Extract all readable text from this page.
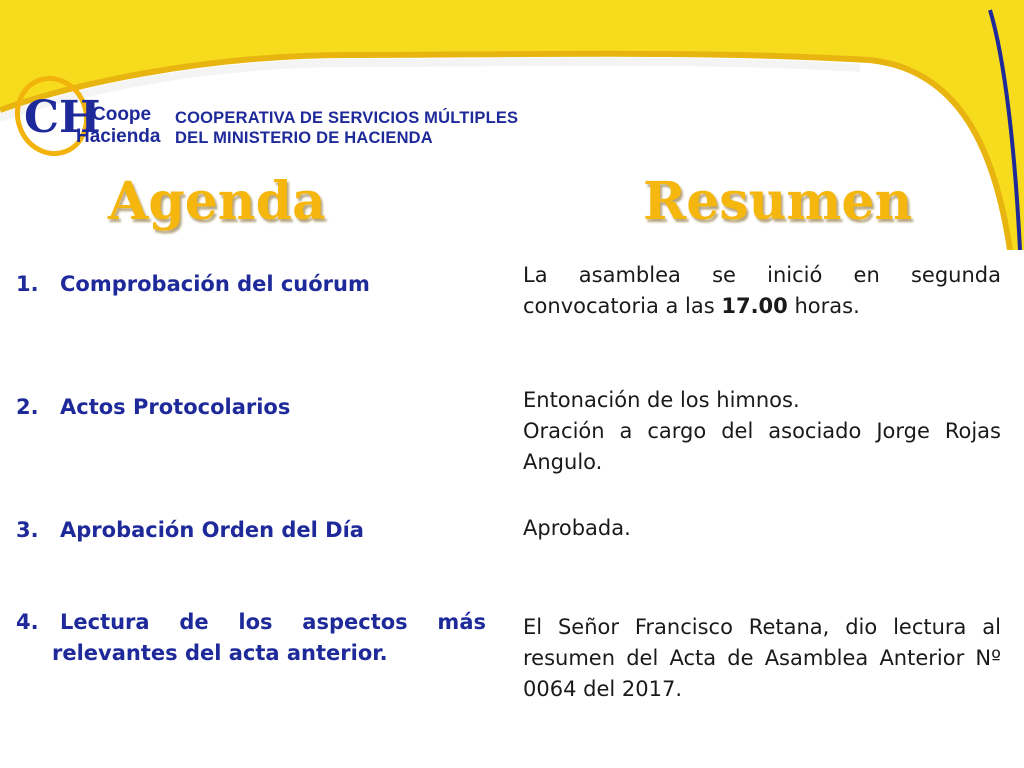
CH
Coope
Hacienda
COOPERATIVA DE SERVICIOS MÚLTIPLES
DEL MINISTERIO DE HACIENDA
Agenda	Resumen
1. Comprobación del cuórum
2. Actos Protocolarios
3. Aprobación Orden del Día
4. Lectura de los aspectos más
relevantes del acta anterior.
La asamblea se inició en segunda convocatoria a las 17.00 horas.
Entonación de los himnos.
Oración a cargo del asociado Jorge Rojas Angulo.
Aprobada.
El Señor Francisco Retana, dio lectura al resumen del Acta de Asamblea Anterior Nº 0064 del 2017.
